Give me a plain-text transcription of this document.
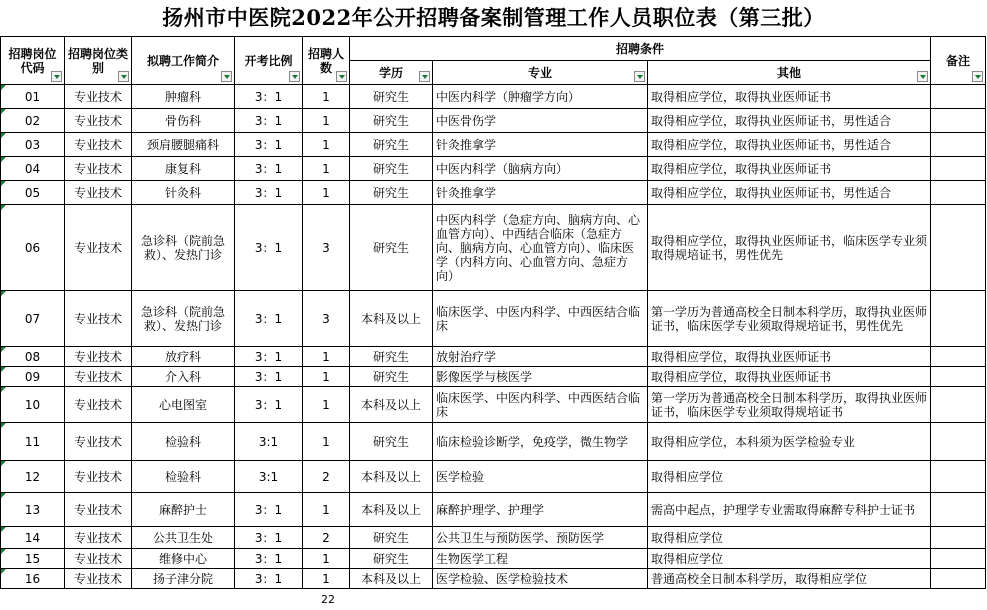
扬州市中医院2022年公开招聘备案制管理工作人员职位表（第三批）
招聘岗位代码	招聘岗位类别	拟聘工作简介	开考比例	招聘人数	招聘条件			备注

					学历	专业	其他	

01	专业技术	肿瘤科	3：1	1	研究生	中医内科学（肿瘤学方向）	取得相应学位，取得执业医师证书	
02	专业技术	骨伤科	3：1	1	研究生	中医骨伤学	取得相应学位，取得执业医师证书，男性适合	
03	专业技术	颈肩腰腿痛科	3：1	1	研究生	针灸推拿学	取得相应学位，取得执业医师证书，男性适合	
04	专业技术	康复科	3：1	1	研究生	中医内科学（脑病方向）	取得相应学位，取得执业医师证书	
05	专业技术	针灸科	3：1	1	研究生	针灸推拿学	取得相应学位，取得执业医师证书，男性适合	
06	专业技术	急诊科（院前急救）、发热门诊	3：1	3	研究生	中医内科学（急症方向、脑病方向、心血管方向）、中西结合临床（急症方向、脑病方向、心血管方向）、临床医学（内科方向、心血管方向、急症方向）	取得相应学位，取得执业医师证书，临床医学专业须取得规培证书，男性优先	
07	专业技术	急诊科（院前急救）、发热门诊	3：1	3	本科及以上	临床医学、中医内科学、中西医结合临床	第一学历为普通高校全日制本科学历，取得执业医师证书，临床医学专业须取得规培证书，男性优先	
08	专业技术	放疗科	3：1	1	研究生	放射治疗学	取得相应学位，取得执业医师证书	
09	专业技术	介入科	3：1	1	研究生	影像医学与核医学	取得相应学位，取得执业医师证书	
10	专业技术	心电图室	3：1	1	本科及以上	临床医学、中医内科学、中西医结合临床	第一学历为普通高校全日制本科学历，取得执业医师证书，临床医学专业须取得规培证书	
11	专业技术	检验科	3:1	1	研究生	临床检验诊断学，免疫学，微生物学	取得相应学位，本科须为医学检验专业	
12	专业技术	检验科	3:1	2	本科及以上	医学检验	取得相应学位	
13	专业技术	麻醉护士	3：1	1	本科及以上	麻醉护理学、护理学	需高中起点，护理学专业需取得麻醉专科护士证书	
14	专业技术	公共卫生处	3：1	2	研究生	公共卫生与预防医学、预防医学	取得相应学位	
15	专业技术	维修中心	3：1	1	研究生	生物医学工程	取得相应学位	
16	专业技术	扬子津分院	3：1	1	本科及以上	医学检验、医学检验技术	普通高校全日制本科学历，取得相应学位	
22
